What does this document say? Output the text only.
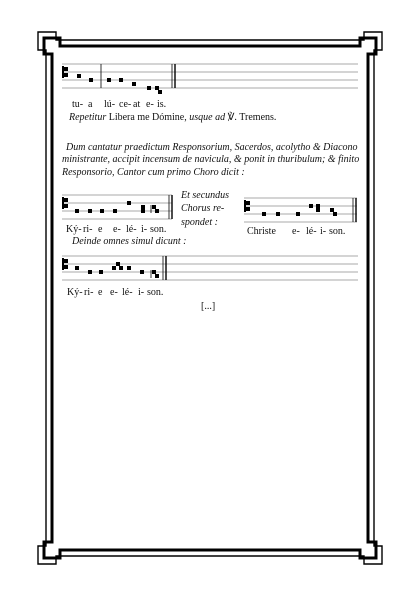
tu- a lú- ce- at e- is.
Repetitur Libera me Dómine, usque ad ℣. Tremens.

Dum cantatur praedictum Responsorium, Sacerdos, acolytho & Diacono ministrante, accipit incensum de navicula, & ponit in thuribulum; & finito Responsorio, Cantor cum primo Choro dicit :

Ký- ri- e e- lé- i- son.
Et secundus
Chorus re-
spondet :
Christe e- lé- i- son.
Deinde omnes simul dicunt :
Ký- ri- e e- lé- i- son.
[...]
